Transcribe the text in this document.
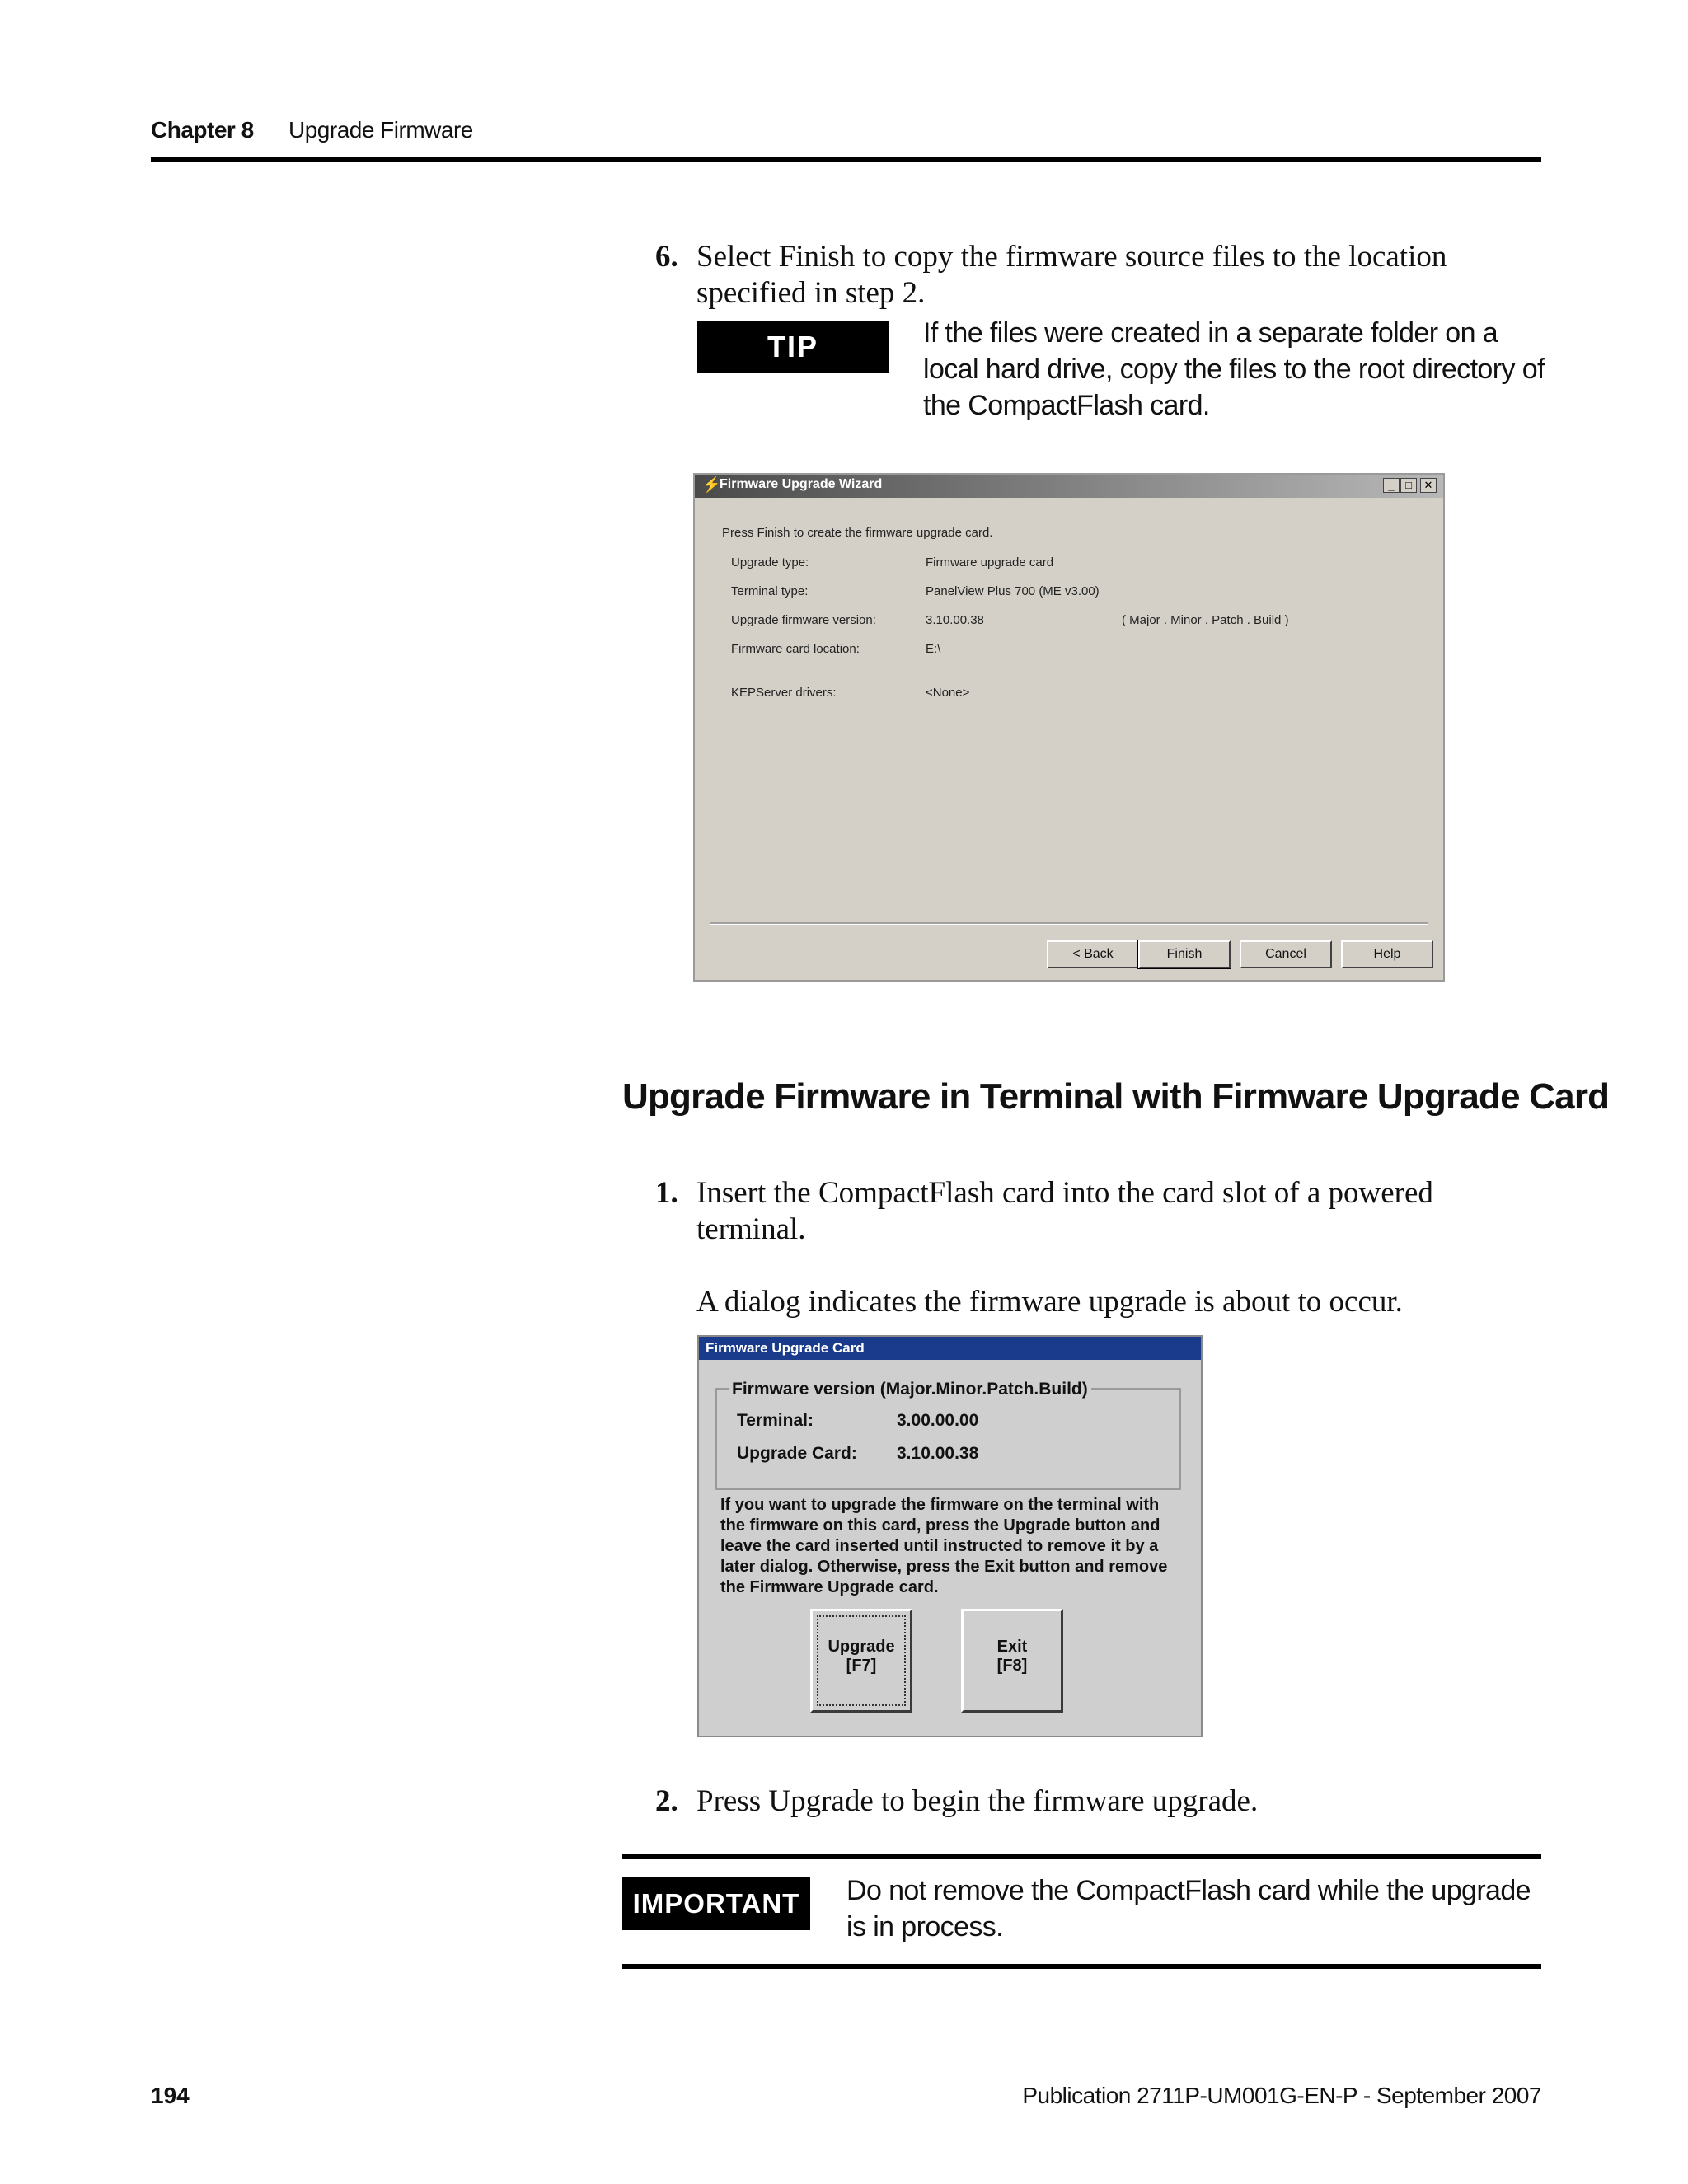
Chapter 8 Upgrade Firmware
6. Select Finish to copy the firmware source files to the location specified in step 2.
TIP	If the files were created in a separate folder on a local hard drive, copy the files to the root directory of the CompactFlash card.
⚡
Firmware Upgrade Wizard	_	□	✕
Press Finish to create the firmware upgrade card.
Upgrade type:	Firmware upgrade card
Terminal type:	PanelView Plus 700 (ME v3.00)
Upgrade firmware version:	3.10.00.38	( Major . Minor . Patch . Build )
Firmware card location:	E:\
KEPServer drivers:	<None>
< Back	Finish	Cancel	Help
Upgrade Firmware in Terminal with Firmware Upgrade Card
1. Insert the CompactFlash card into the card slot of a powered terminal.
A dialog indicates the firmware upgrade is about to occur.
Firmware Upgrade Card
Firmware version (Major.Minor.Patch.Build)
Terminal:	3.00.00.00
Upgrade Card: 3.10.00.38
If you want to upgrade the firmware on the terminal with the firmware on this card, press the Upgrade button and leave the card inserted until instructed to remove it by a later dialog. Otherwise, press the Exit button and remove the Firmware Upgrade card.
Upgrade
[F7]
Exit
[F8]
2. Press Upgrade to begin the firmware upgrade.
IMPORTANT	Do not remove the CompactFlash card while the upgrade is in process.
194	Publication 2711P-UM001G-EN-P - September 2007
